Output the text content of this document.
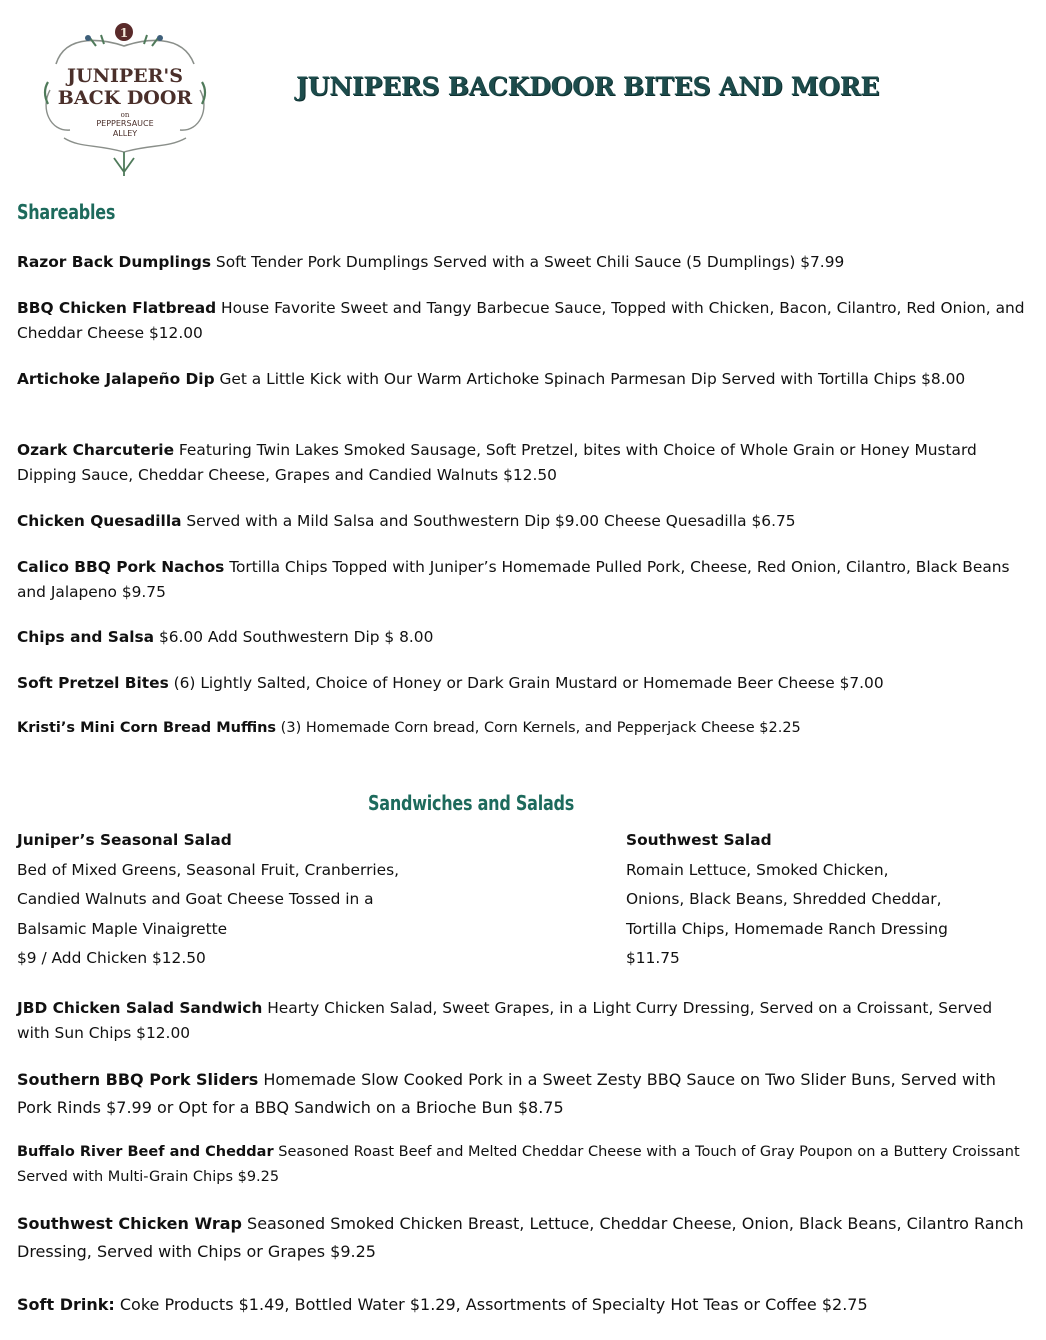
1
JUNIPER'S
BACK DOOR
on
PEPPERSAUCE
ALLEY
JUNIPERS BACKDOOR BITES AND MORE
Shareables

Razor Back Dumplings Soft Tender Pork Dumplings Served with a Sweet Chili Sauce (5 Dumplings) $7.99

BBQ Chicken Flatbread House Favorite Sweet and Tangy Barbecue Sauce, Topped with Chicken, Bacon, Cilantro, Red Onion, and Cheddar Cheese $12.00

Artichoke Jalapeño Dip Get a Little Kick with Our Warm Artichoke Spinach Parmesan Dip Served with Tortilla Chips $8.00

Ozark Charcuterie Featuring Twin Lakes Smoked Sausage, Soft Pretzel, bites with Choice of Whole Grain or Honey Mustard Dipping Sauce, Cheddar Cheese, Grapes and Candied Walnuts $12.50

Chicken Quesadilla Served with a Mild Salsa and Southwestern Dip $9.00 Cheese Quesadilla $6.75

Calico BBQ Pork Nachos Tortilla Chips Topped with Juniper’s Homemade Pulled Pork, Cheese, Red Onion, Cilantro, Black Beans and Jalapeno $9.75

Chips and Salsa $6.00 Add Southwestern Dip $ 8.00

Soft Pretzel Bites (6) Lightly Salted, Choice of Honey or Dark Grain Mustard or Homemade Beer Cheese $7.00

Kristi’s Mini Corn Bread Muffins (3) Homemade Corn bread, Corn Kernels, and Pepperjack Cheese $2.25

Sandwiches and Salads
Juniper’s Seasonal Salad
Bed of Mixed Greens, Seasonal Fruit, Cranberries,
Candied Walnuts and Goat Cheese Tossed in a
Balsamic Maple Vinaigrette
$9 / Add Chicken $12.50
Southwest Salad
Romain Lettuce, Smoked Chicken,
Onions, Black Beans, Shredded Cheddar,
Tortilla Chips, Homemade Ranch Dressing
$11.75

JBD Chicken Salad Sandwich Hearty Chicken Salad, Sweet Grapes, in a Light Curry Dressing, Served on a Croissant, Served with Sun Chips $12.00

Southern BBQ Pork Sliders Homemade Slow Cooked Pork in a Sweet Zesty BBQ Sauce on Two Slider Buns, Served with Pork Rinds $7.99 or Opt for a BBQ Sandwich on a Brioche Bun $8.75

Buffalo River Beef and Cheddar Seasoned Roast Beef and Melted Cheddar Cheese with a Touch of Gray Poupon on a Buttery Croissant Served with Multi-Grain Chips $9.25

Southwest Chicken Wrap Seasoned Smoked Chicken Breast, Lettuce, Cheddar Cheese, Onion, Black Beans, Cilantro Ranch Dressing, Served with Chips or Grapes $9.25

Soft Drink: Coke Products $1.49, Bottled Water $1.29, Assortments of Specialty Hot Teas or Coffee $2.75
